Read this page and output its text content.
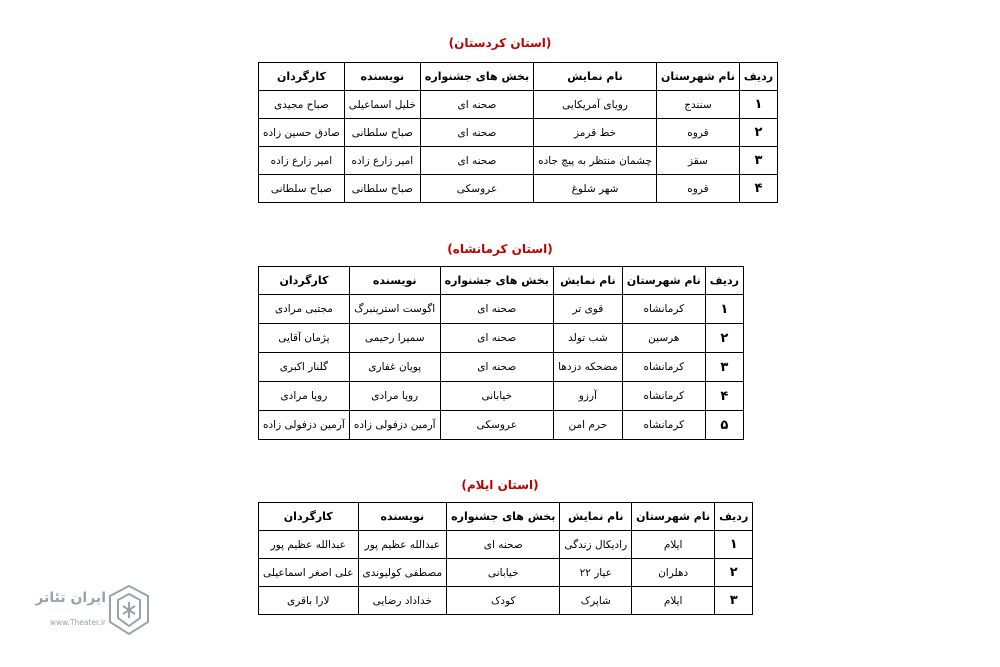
(استان کردستان)
ردیف	نام شهرستان	نام نمایش	بخش های جشنواره	نویسنده	کارگردان
۱	سنندج	رویای آمریکایی	صحنه ای	خلیل اسماعیلی	صباح مجیدی
۲	قروه	خط قرمز	صحنه ای	صباح سلطانی	صادق حسین زاده
۳	سقز	چشمان منتظر به پیچ جاده	صحنه ای	امیر زارع زاده	امیر زارع زاده
۴	قروه	شهر شلوغ	عروسکی	صباح سلطانی	صباح سلطانی
(استان کرمانشاه)
ردیف	نام شهرستان	نام نمایش	بخش های جشنواره	نویسنده	کارگردان
۱	کرمانشاه	قوی تر	صحنه ای	اگوست استرینبرگ	مجتبی مرادی
۲	هرسین	شب تولد	صحنه ای	سمیرا رحیمی	پژمان آقایی
۳	کرمانشاه	مضحکه دزدها	صحنه ای	پویان غفاری	گلنار اکبری
۴	کرمانشاه	آرزو	خیابانی	رویا مرادی	رویا مرادی
۵	کرمانشاه	حرم امن	عروسکی	آرمین دزفولی زاده	آرمین دزفولی زاده
(استان ایلام)
ردیف	نام شهرستان	نام نمایش	بخش های جشنواره	نویسنده	کارگردان
۱	ایلام	رادیکال زندگی	صحنه ای	عبدالله عظیم پور	عبدالله عظیم پور
۲	دهلران	عیار ۲۲	خیابانی	مصطفی کولیوندی	علی اصغر اسماعیلی
۳	ایلام	شاپرک	کودک	خداداد رضایی	لارا باقری
ایران تئاتر
www.Theater.ir
